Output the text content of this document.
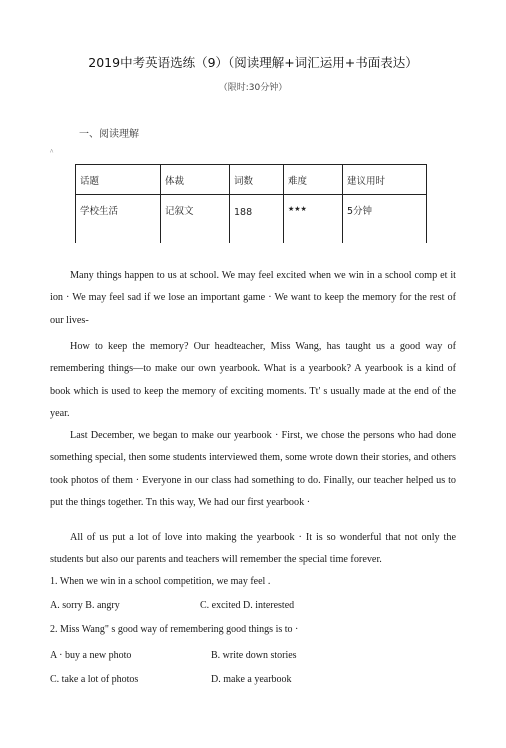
2019中考英语选练（9）（阅读理解+词汇运用+书面表达）
（限时:30分钟）
一、阅读理解
^
话题	体裁	词数	难度	建议用时
学校生活	记叙文	188	★★★	5分钟

Many things happen to us at school. We may feel excited when we win in a school comp et it ion · We may feel sad if we lose an important game · We want to keep the memory for the rest of our lives-

How to keep the memory? Our headteacher, Miss Wang, has taught us a good way of remembering things—to make our own yearbook. What is a yearbook? A yearbook is a kind of book which is used to keep the memory of exciting moments. Tt' s usually made at the end of the year.

Last December, we began to make our yearbook · First, we chose the persons who had done something special, then some students interviewed them, some wrote down their stories, and others took photos of them · Everyone in our class had something to do. Finally, our teacher helped us to put the things together. Tn this way, We had our first yearbook ·

All of us put a lot of love into making the yearbook · It is so wonderful that not only the students but also our parents and teachers will remember the special time forever.

1. When we win in a school competition, we may feel .
A. sorry B. angry	C. excited D. interested
2. Miss Wang" s good way of remembering good things is to ·
A · buy a new photo	B. write down stories
C. take a lot of photos	D. make a yearbook
